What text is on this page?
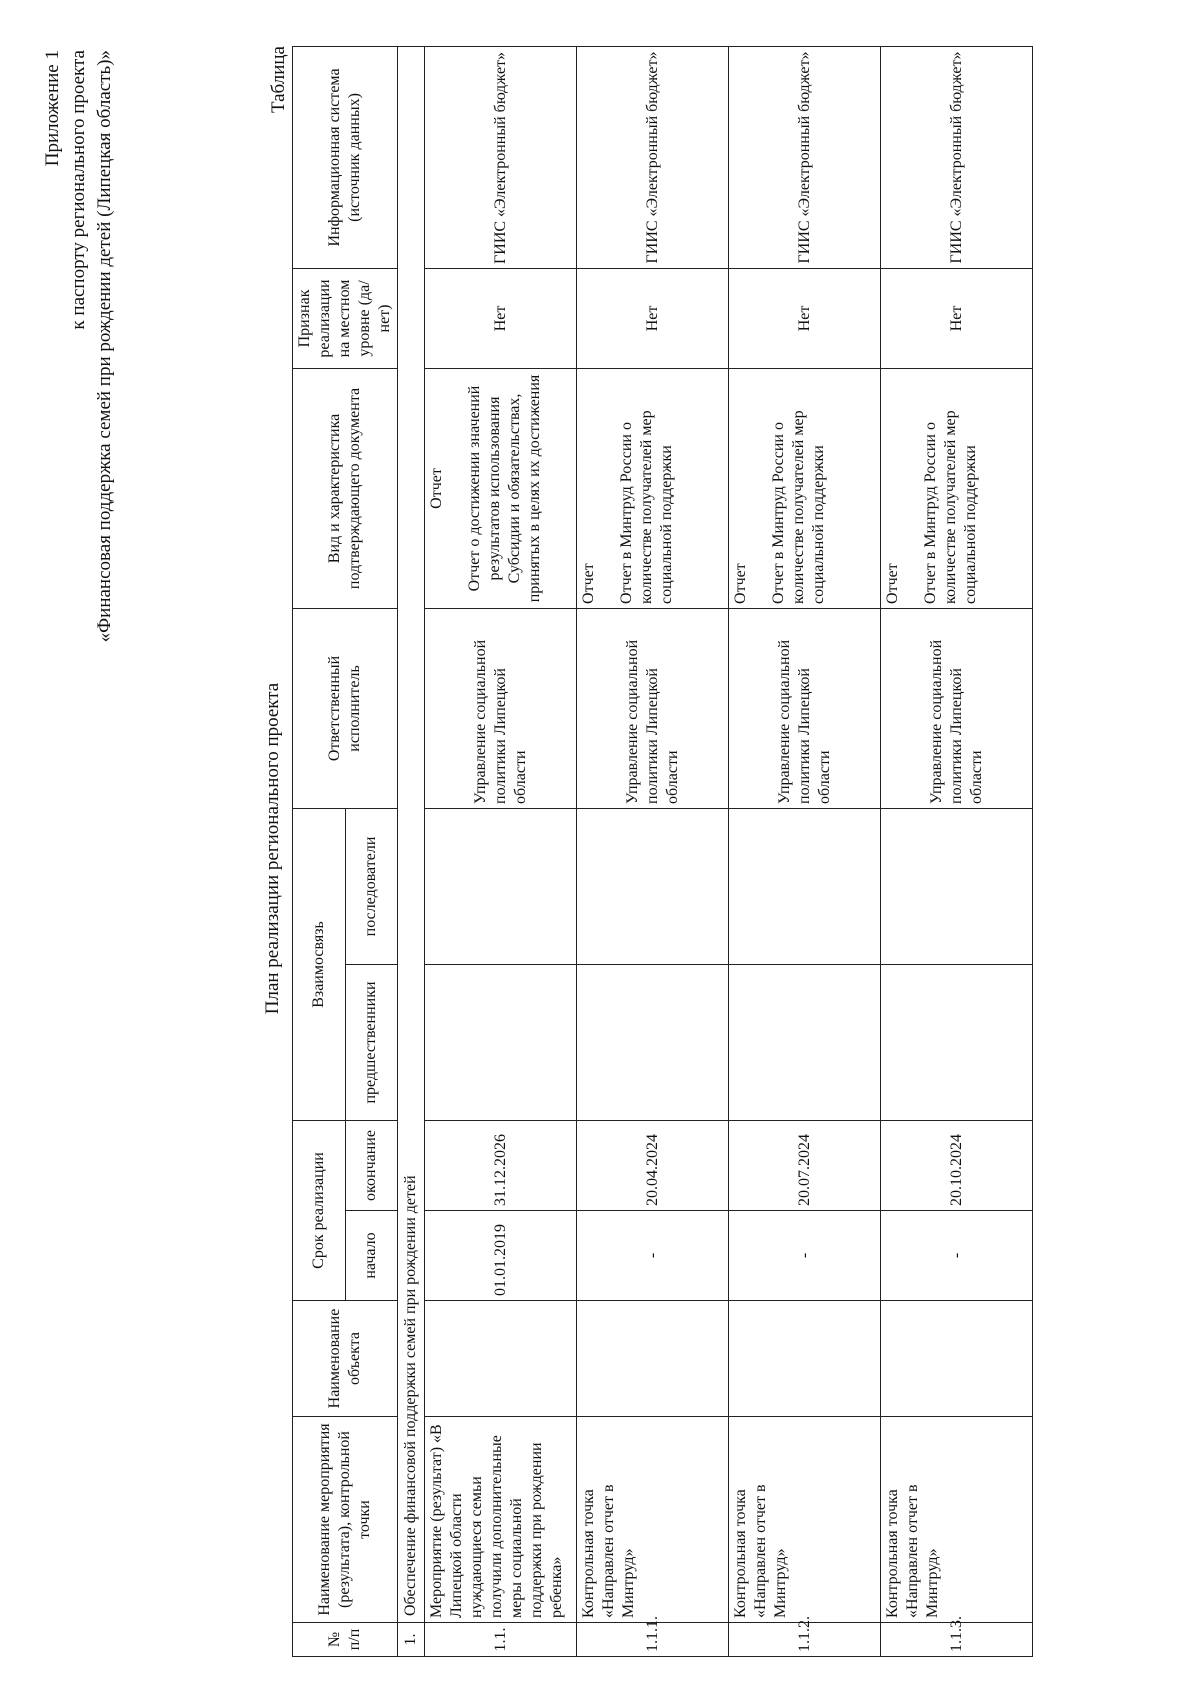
Приложение 1 к паспорту регионального проекта «Финансовая поддержка семей при рождении детей (Липецкая область)»
План реализации регионального проекта
Таблица
№ п/п	Наименование мероприятия (результата), контрольной точки	Наименование объекта	Срок реализации		Взаимосвязь		Ответственный исполнитель	Вид и характеристика подтверждающего документа	Признак реализации на местном уровне (да/нет)	Информационная система (источник данных)
			начало	окончание	предшественники	последователи				
1.	Обеспечение финансовой поддержки семей при рождении детей									
1.1.	Мероприятие (результат) «В Липецкой области нуждающиеся семьи получили дополнительные меры социальной поддержки при рождении ребенка»		01.01.2019	31.12.2026			Управление социальной политики Липецкой области	Отчет Отчет о достижении значений результатов использования Субсидии и обязательствах, принятых в целях их достижения	Нет	ГИИС «Электронный бюджет»
1.1.1.	Контрольная точка «Направлен отчет в Минтруд»		-	20.04.2024			Управление социальной политики Липецкой области	Отчет Отчет в Минтруд России о количестве получателей мер социальной поддержки	Нет	ГИИС «Электронный бюджет»
1.1.2.	Контрольная точка «Направлен отчет в Минтруд»		-	20.07.2024			Управление социальной политики Липецкой области	Отчет Отчет в Минтруд России о количестве получателей мер социальной поддержки	Нет	ГИИС «Электронный бюджет»
1.1.3.	Контрольная точка «Направлен отчет в Минтруд»		-	20.10.2024			Управление социальной политики Липецкой области	Отчет Отчет в Минтруд России о количестве получателей мер социальной поддержки	Нет	ГИИС «Электронный бюджет»
